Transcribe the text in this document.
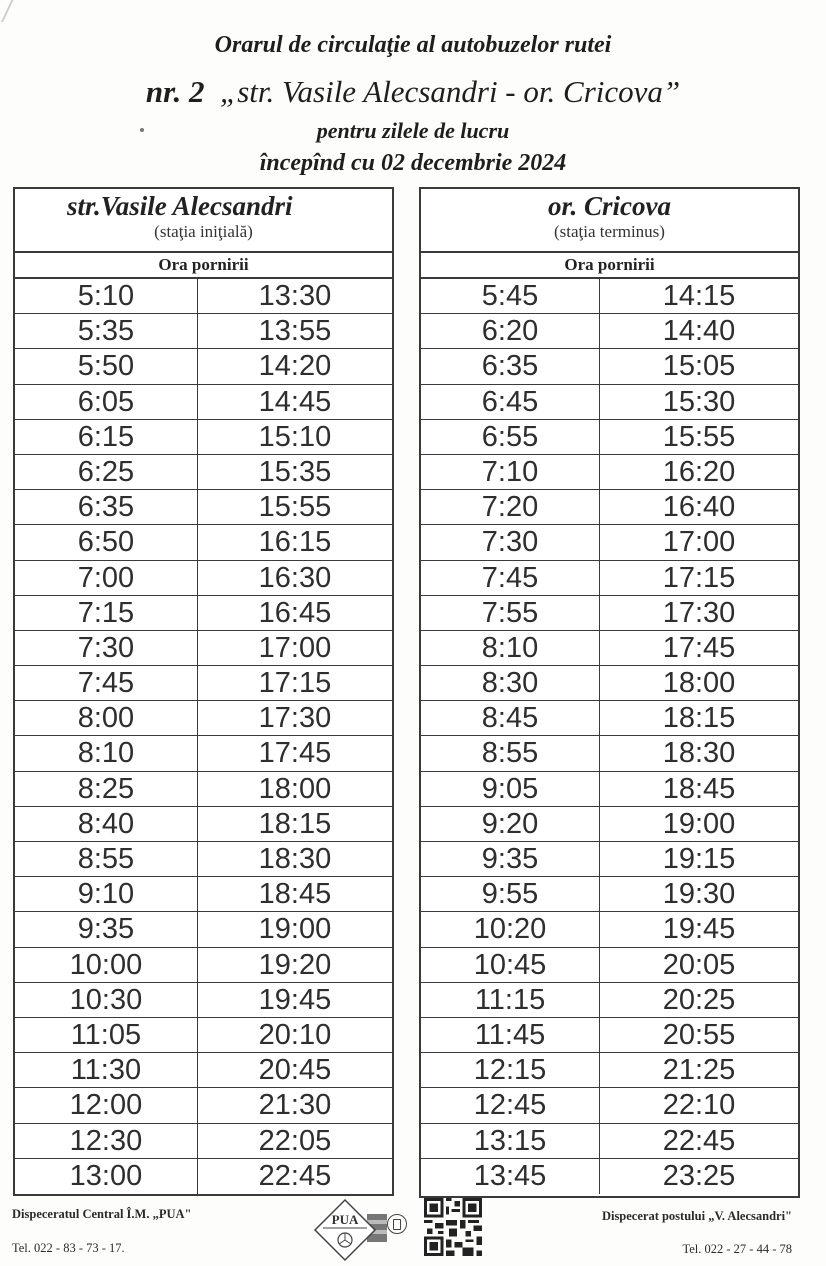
Orarul de circulaţie al autobuzelor rutei
nr. 2 „str. Vasile Alecsandri - or. Cricova”
pentru zilele de lucru
începînd cu 02 decembrie 2024
str.Vasile Alecsandri
(staţia iniţială)
Ora pornirii
5:10	13:30
5:35	13:55
5:50	14:20
6:05	14:45
6:15	15:10
6:25	15:35
6:35	15:55
6:50	16:15
7:00	16:30
7:15	16:45
7:30	17:00
7:45	17:15
8:00	17:30
8:10	17:45
8:25	18:00
8:40	18:15
8:55	18:30
9:10	18:45
9:35	19:00
10:00	19:20
10:30	19:45
11:05	20:10
11:30	20:45
12:00	21:30
12:30	22:05
13:00	22:45
or. Cricova
(staţia terminus)
Ora pornirii
5:45	14:15
6:20	14:40
6:35	15:05
6:45	15:30
6:55	15:55
7:10	16:20
7:20	16:40
7:30	17:00
7:45	17:15
7:55	17:30
8:10	17:45
8:30	18:00
8:45	18:15
8:55	18:30
9:05	18:45
9:20	19:00
9:35	19:15
9:55	19:30
10:20	19:45
10:45	20:05
11:15	20:25
11:45	20:55
12:15	21:25
12:45	22:10
13:15	22:45
13:45	23:25
Dispeceratul Central Î.M. „PUA"
Tel. 022 - 83 - 73 - 17.
Dispecerat postului „V. Alecsandri"
Tel. 022 - 27 - 44 - 78
PUA
